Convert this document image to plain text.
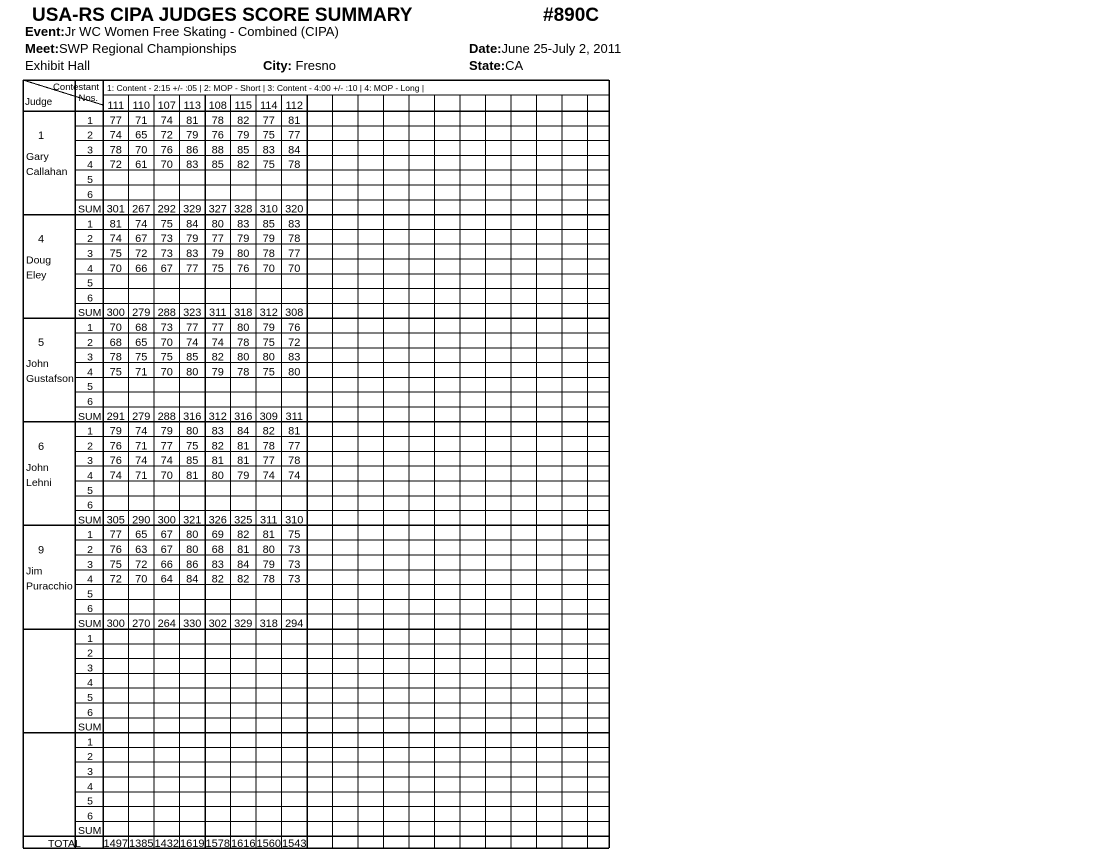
USA-RS CIPA JUDGES SCORE SUMMARY	#890C
Event:Jr WC Women Free Skating - Combined (CIPA)
Meet:SWP Regional Championships	Date:June 25-July 2, 2011
Exhibit Hall	City: Fresno	State:CA
Contestant
Nos.
Judge
1: Content - 2:15 +/- :05 | 2: MOP - Short | 3: Content - 4:00 +/- :10 | 4: MOP - Long |
111 110 107 113 108 115 114 112
1
Gary
Callahan
1 77 71 74 81 78 82 77 81
2 74 65 72 79 76 79 75 77
3 78 70 76 86 88 85 83 84
4 72 61 70 83 85 82 75 78
5
6
SUM 301 267 292 329 327 328 310 320
4
Doug
Eley
1 81 74 75 84 80 83 85 83
2 74 67 73 79 77 79 79 78
3 75 72 73 83 79 80 78 77
4 70 66 67 77 75 76 70 70
5
6
SUM 300 279 288 323 311 318 312 308
5
John
Gustafson
1 70 68 73 77 77 80 79 76
2 68 65 70 74 74 78 75 72
3 78 75 75 85 82 80 80 83
4 75 71 70 80 79 78 75 80
5
6
SUM 291 279 288 316 312 316 309 311
6
John
Lehni
1 79 74 79 80 83 84 82 81
2 76 71 77 75 82 81 78 77
3 76 74 74 85 81 81 77 78
4 74 71 70 81 80 79 74 74
5
6
SUM 305 290 300 321 326 325 311 310
9
Jim
Puracchio
1 77 65 67 80 69 82 81 75
2 76 63 67 80 68 81 80 73
3 75 72 66 86 83 84 79 73
4 72 70 64 84 82 82 78 73
5
6
SUM 300 270 264 330 302 329 318 294
1
2
3
4
5
6
SUM
1
2
3
4
5
6
SUM
TOTAL 1497 1385 1432 1619 1578 1616 1560 1543
